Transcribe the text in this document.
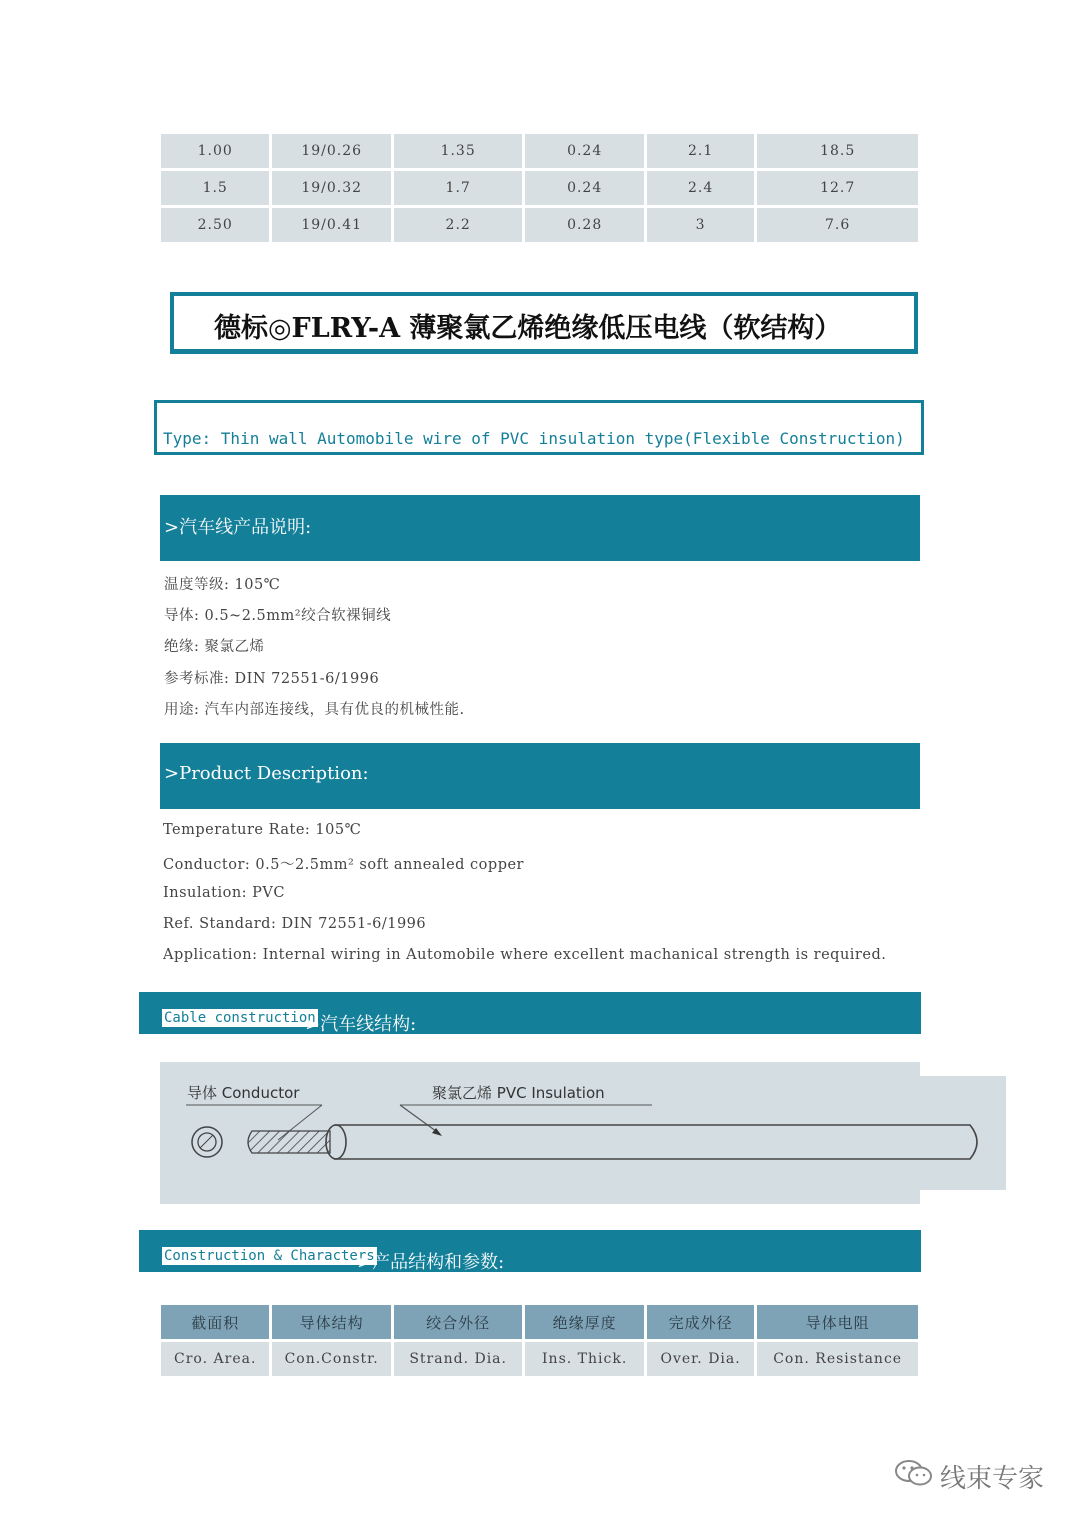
1.00	19/0.26	1.35	0.24	2.1	18.5
1.5	19/0.32	1.7	0.24	2.4	12.7
2.50	19/0.41	2.2	0.28	3	7.6
德标◎FLRY-A 薄聚氯乙烯绝缘低压电线（软结构）
Type: Thin wall Automobile wire of PVC insulation type(Flexible Construction)
>汽车线产品说明:
温度等级: 105℃
导体: 0.5~2.5mm²绞合软裸铜线
绝缘: 聚氯乙烯
参考标准: DIN 72551-6/1996
用途: 汽车内部连接线，具有优良的机械性能.
>Product Description:
Temperature Rate: 105℃
Conductor: 0.5～2.5mm² soft annealed copper
Insulation: PVC
Ref. Standard: DIN 72551-6/1996
Application: Internal wiring in Automobile where excellent machanical strength is required.
Cable construction
>汽车线结构:
导体 Conductor	聚氯乙烯 PVC Insulation
Construction & Characters
>产品结构和参数:
截面积	导体结构	绞合外径	绝缘厚度	完成外径	导体电阻
Cro. Area.	Con.Constr.	Strand. Dia.	Ins. Thick.	Over. Dia.	Con. Resistance
线束专家
